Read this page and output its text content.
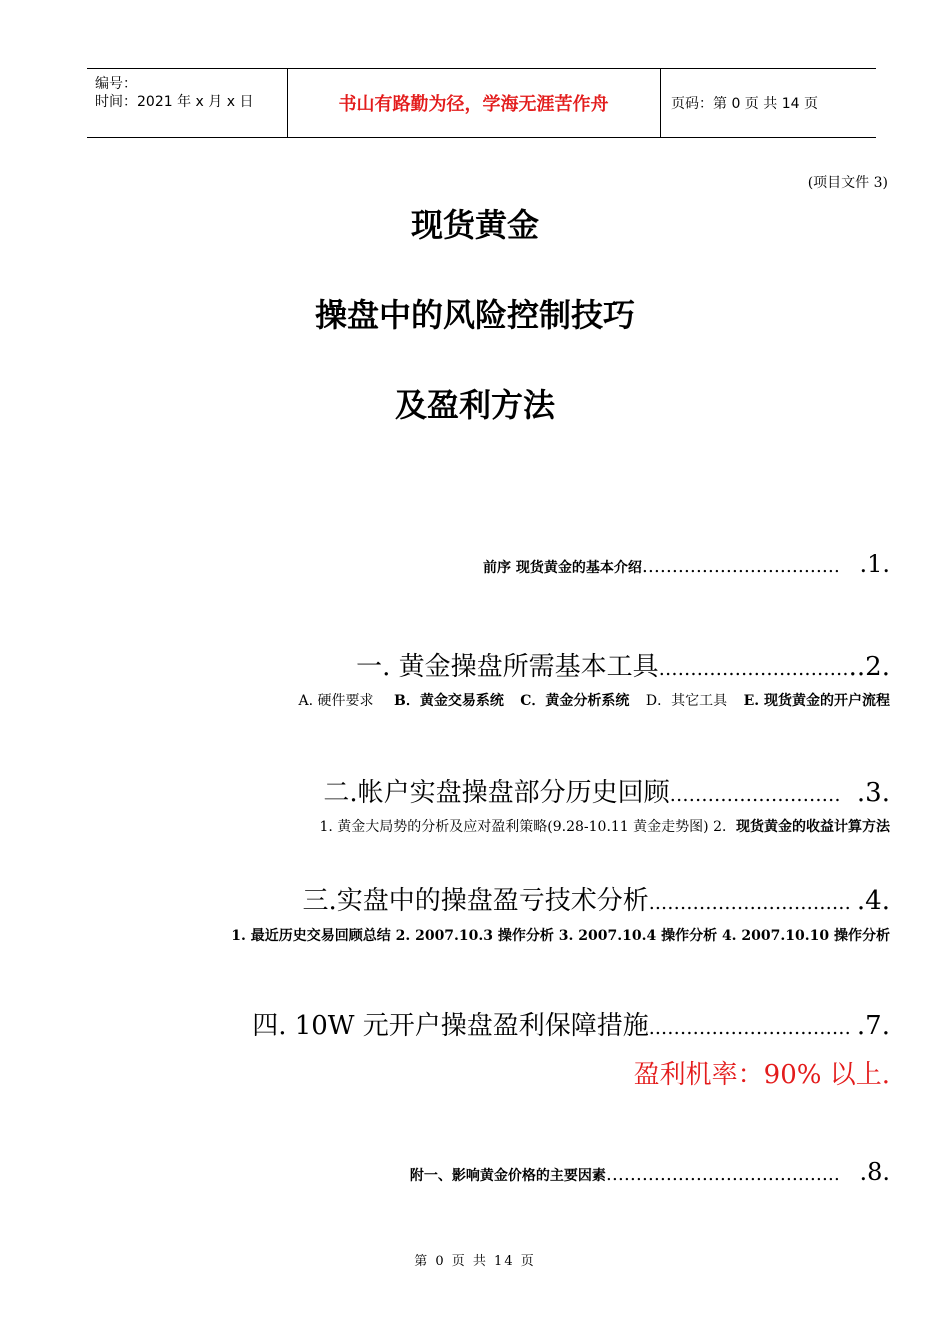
编号：
时间：2021 年 x 月 x 日	书山有路勤为径，学海无涯苦作舟	页码：第 0 页 共 14 页
(项目文件 3)
现货黄金
操盘中的风险控制技巧
及盈利方法
前序 现货黄金的基本介绍…………………………… .1.
一. 黄金操盘所需基本工具…………………………..2.
A. 硬件要求 B．黄金交易系统 C．黄金分析系统 D．其它工具 E. 现货黄金的开户流程
二.帐户实盘操盘部分历史回顾……………………… .3.
1. 黄金大局势的分析及应对盈利策略(9.28-10.11 黄金走势图) 2．现货黄金的收益计算方法
三.实盘中的操盘盈亏技术分析..………………………… .4.
1. 最近历史交易回顾总结 2. 2007.10.3 操作分析 3. 2007.10.4 操作分析 4. 2007.10.10 操作分析
四. 10W 元开户操盘盈利保障措施..………………………… .7.
盈利机率：90% 以上.
附一、影响黄金价格的主要因素………………………………… .8.
第 0 页 共 14 页
